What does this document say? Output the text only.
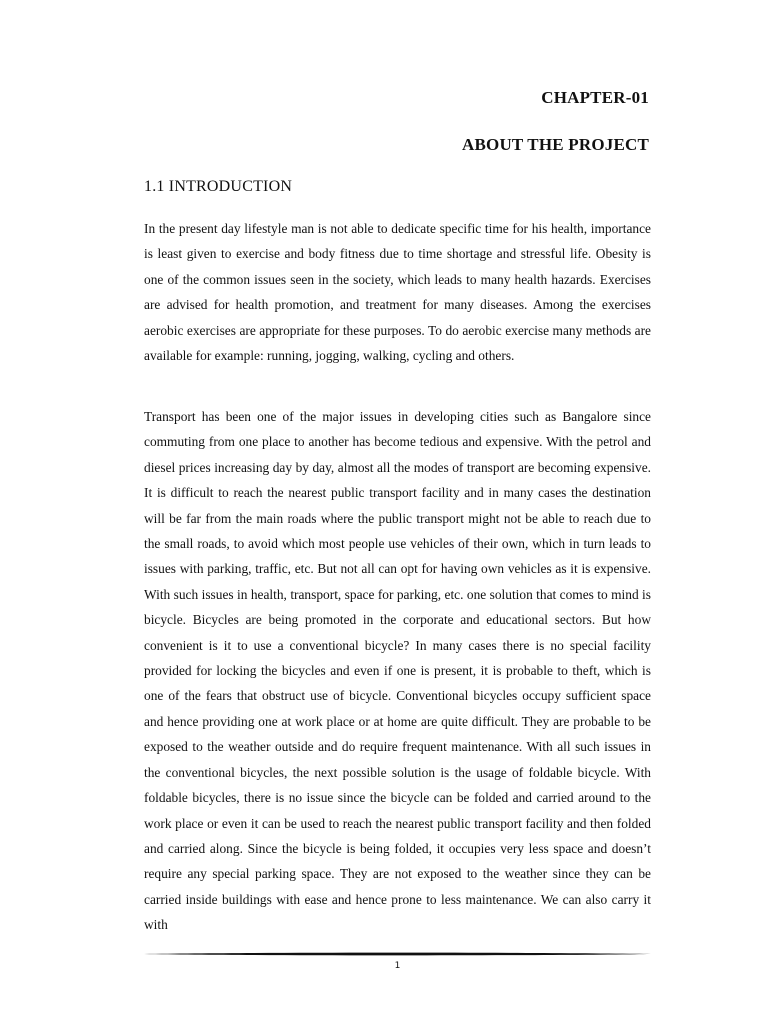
CHAPTER-01
ABOUT THE PROJECT
1.1 INTRODUCTION

In the present day lifestyle man is not able to dedicate specific time for his health, importance is least given to exercise and body fitness due to time shortage and stressful life. Obesity is one of the common issues seen in the society, which leads to many health hazards. Exercises are advised for health promotion, and treatment for many diseases. Among the exercises aerobic exercises are appropriate for these purposes. To do aerobic exercise many methods are available for example: running, jogging, walking, cycling and others.

Transport has been one of the major issues in developing cities such as Bangalore since commuting from one place to another has become tedious and expensive. With the petrol and diesel prices increasing day by day, almost all the modes of transport are becoming expensive. It is difficult to reach the nearest public transport facility and in many cases the destination will be far from the main roads where the public transport might not be able to reach due to the small roads, to avoid which most people use vehicles of their own, which in turn leads to issues with parking, traffic, etc. But not all can opt for having own vehicles as it is expensive. With such issues in health, transport, space for parking, etc. one solution that comes to mind is bicycle. Bicycles are being promoted in the corporate and educational sectors. But how convenient is it to use a conventional bicycle? In many cases there is no special facility provided for locking the bicycles and even if one is present, it is probable to theft, which is one of the fears that obstruct use of bicycle. Conventional bicycles occupy sufficient space and hence providing one at work place or at home are quite difficult. They are probable to be exposed to the weather outside and do require frequent maintenance. With all such issues in the conventional bicycles, the next possible solution is the usage of foldable bicycle. With foldable bicycles, there is no issue since the bicycle can be folded and carried around to the work place or even it can be used to reach the nearest public transport facility and then folded and carried along. Since the bicycle is being folded, it occupies very less space and doesn’t require any special parking space. They are not exposed to the weather since they can be carried inside buildings with ease and hence prone to less maintenance. We can also carry it with

1
